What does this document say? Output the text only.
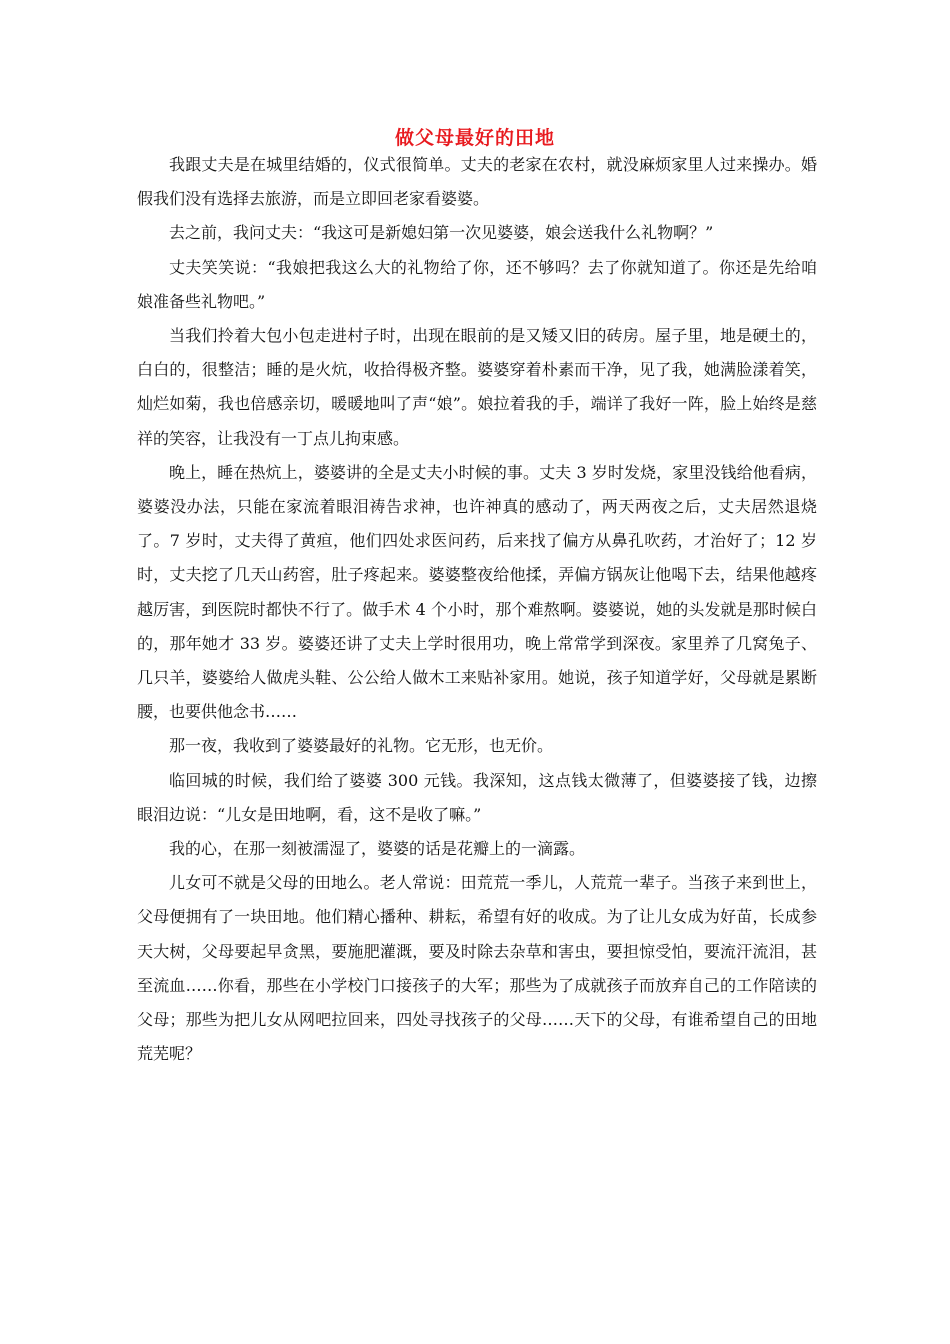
做父母最好的田地

我跟丈夫是在城里结婚的，仪式很简单。丈夫的老家在农村，就没麻烦家里人过来操办。婚假我们没有选择去旅游，而是立即回老家看婆婆。

去之前，我问丈夫：“我这可是新媳妇第一次见婆婆，娘会送我什么礼物啊？”

丈夫笑笑说：“我娘把我这么大的礼物给了你，还不够吗？去了你就知道了。你还是先给咱娘准备些礼物吧。”

当我们拎着大包小包走进村子时，出现在眼前的是又矮又旧的砖房。屋子里，地是硬土的，白白的，很整洁；睡的是火炕，收拾得极齐整。婆婆穿着朴素而干净，见了我，她满脸漾着笑，灿烂如菊，我也倍感亲切，暖暖地叫了声“娘”。娘拉着我的手，端详了我好一阵，脸上始终是慈祥的笑容，让我没有一丁点儿拘束感。

晚上，睡在热炕上，婆婆讲的全是丈夫小时候的事。丈夫 3 岁时发烧，家里没钱给他看病，婆婆没办法，只能在家流着眼泪祷告求神，也许神真的感动了，两天两夜之后，丈夫居然退烧了。7 岁时，丈夫得了黄疸，他们四处求医问药，后来找了偏方从鼻孔吹药，才治好了；12 岁时，丈夫挖了几天山药窖，肚子疼起来。婆婆整夜给他揉，弄偏方锅灰让他喝下去，结果他越疼越厉害，到医院时都快不行了。做手术 4 个小时，那个难熬啊。婆婆说，她的头发就是那时候白的，那年她才 33 岁。婆婆还讲了丈夫上学时很用功，晚上常常学到深夜。家里养了几窝兔子、几只羊，婆婆给人做虎头鞋、公公给人做木工来贴补家用。她说，孩子知道学好，父母就是累断腰，也要供他念书……

那一夜，我收到了婆婆最好的礼物。它无形，也无价。

临回城的时候，我们给了婆婆 300 元钱。我深知，这点钱太微薄了，但婆婆接了钱，边擦眼泪边说：“儿女是田地啊，看，这不是收了嘛。”

我的心，在那一刻被濡湿了，婆婆的话是花瓣上的一滴露。

儿女可不就是父母的田地么。老人常说：田荒荒一季儿，人荒荒一辈子。当孩子来到世上，父母便拥有了一块田地。他们精心播种、耕耘，希望有好的收成。为了让儿女成为好苗，长成参天大树，父母要起早贪黑，要施肥灌溉，要及时除去杂草和害虫，要担惊受怕，要流汗流泪，甚至流血……你看，那些在小学校门口接孩子的大军；那些为了成就孩子而放弃自己的工作陪读的父母；那些为把儿女从网吧拉回来，四处寻找孩子的父母……天下的父母，有谁希望自己的田地荒芜呢？
